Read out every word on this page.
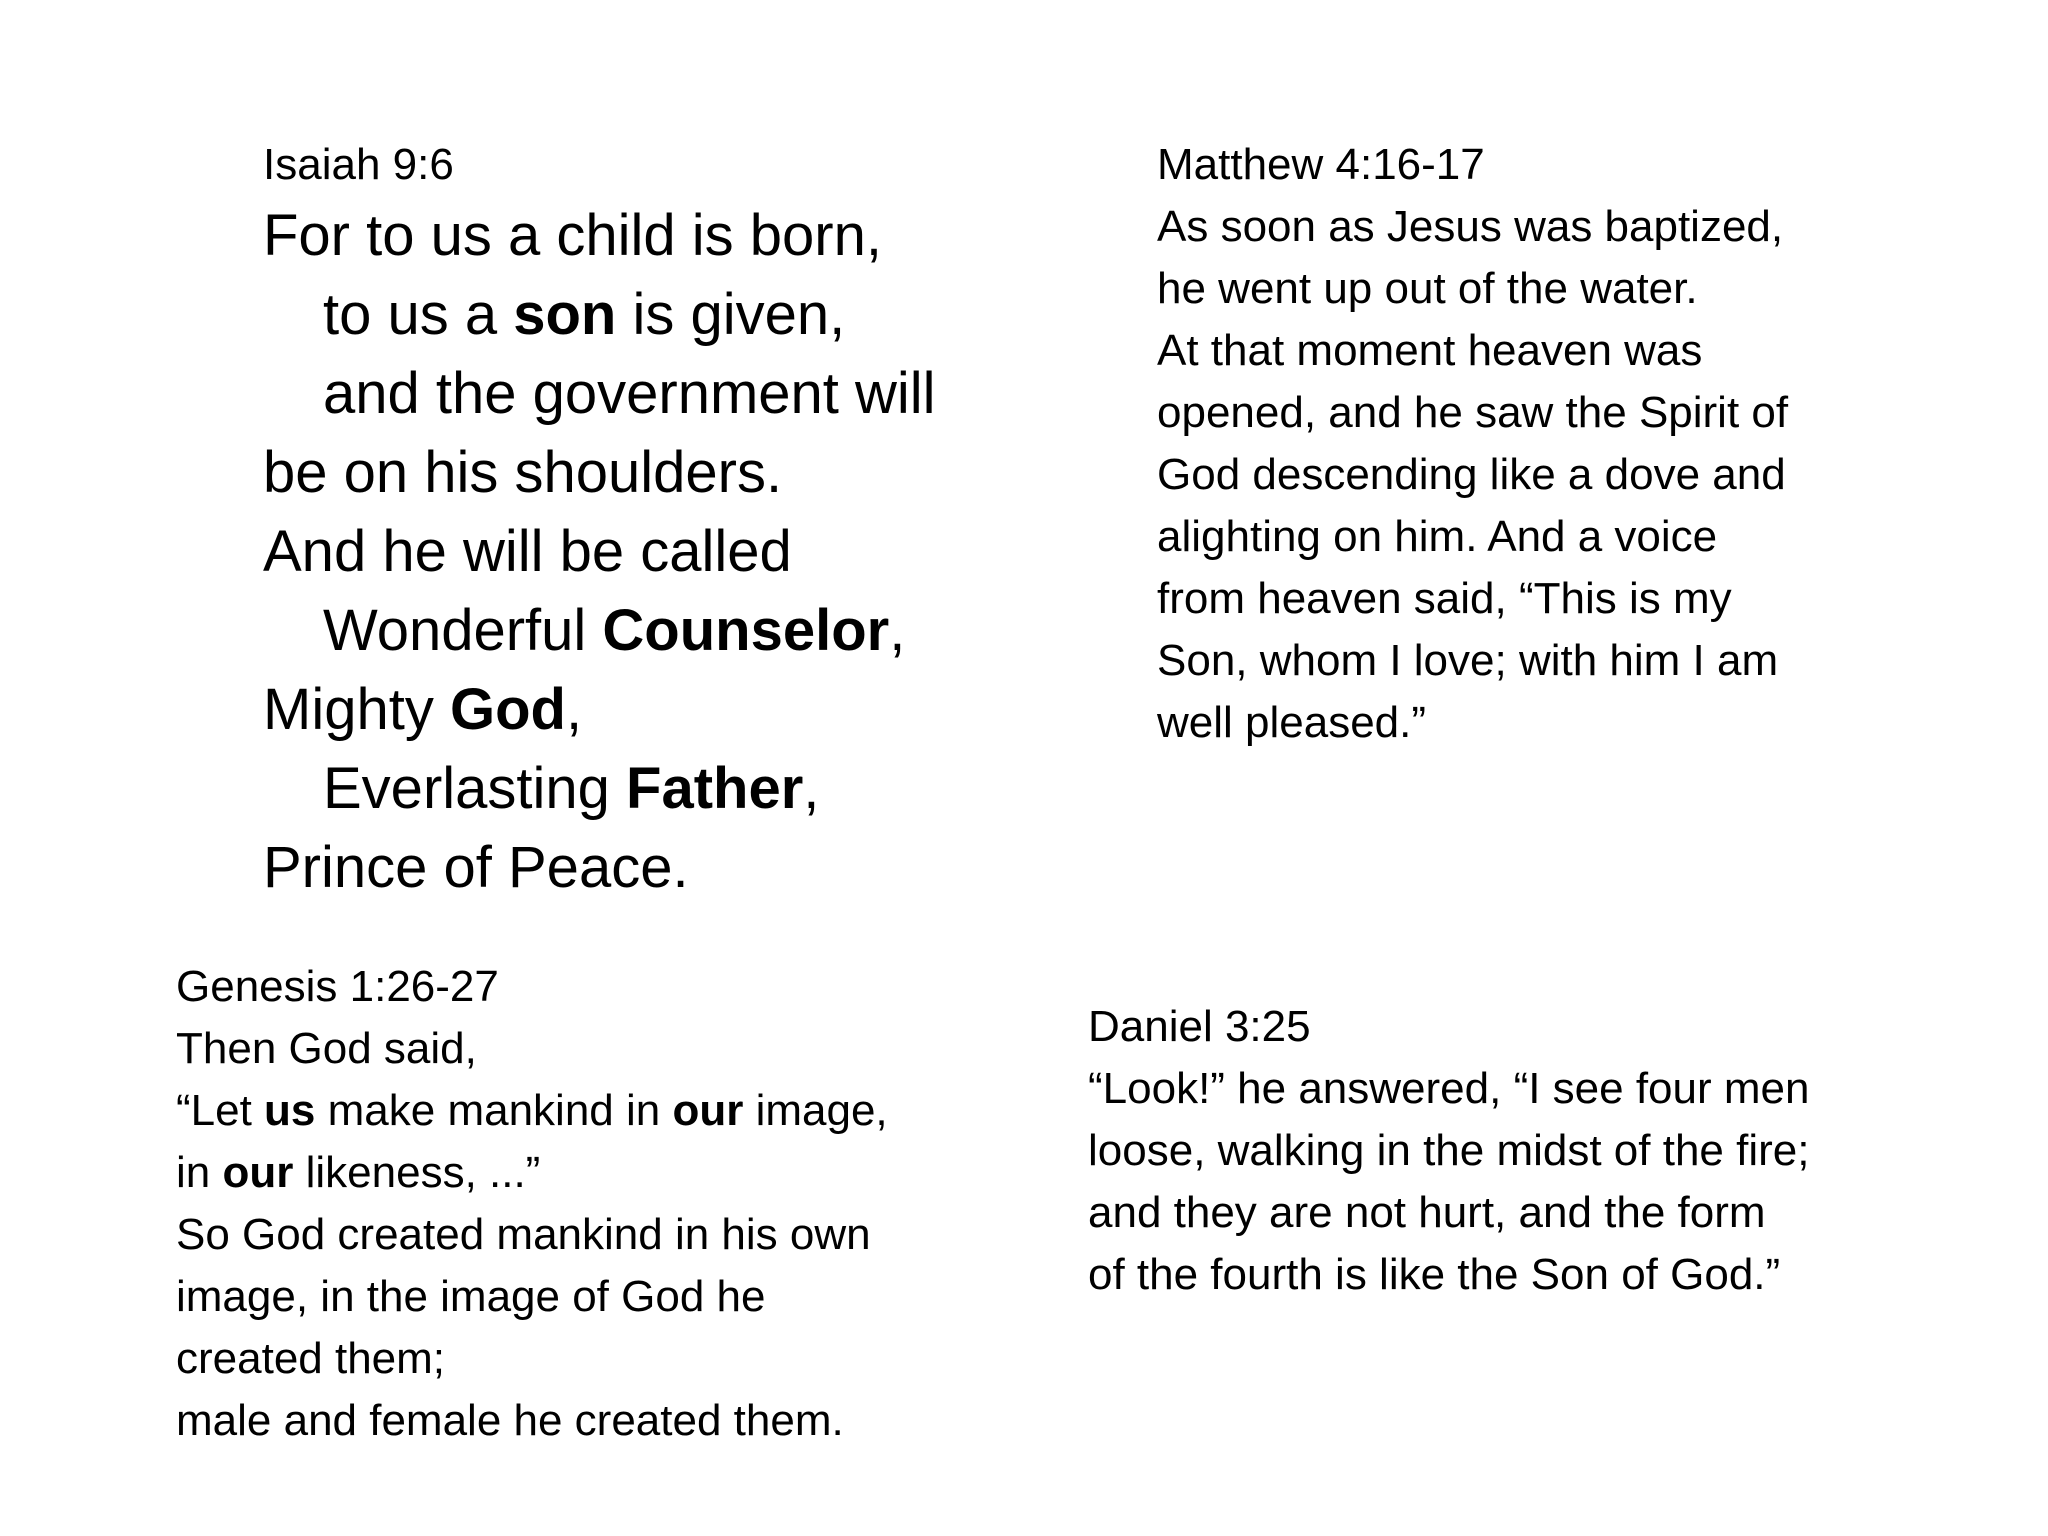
Isaiah 9:6
For to us a child is born,
to us a son is given,
and the government will
be on his shoulders.
And he will be called
Wonderful Counselor,
Mighty God,
Everlasting Father,
Prince of Peace.
Matthew 4:16-17
As soon as Jesus was baptized,
he went up out of the water.
At that moment heaven was
opened, and he saw the Spirit of
God descending like a dove and
alighting on him. And a voice
from heaven said, “This is my
Son, whom I love; with him I am
well pleased.”
Genesis 1:26-27
Then God said,
“Let us make mankind in our image,
in our likeness, ...”
So God created mankind in his own
image, in the image of God he
created them;
male and female he created them.
Daniel 3:25
“Look!” he answered, “I see four men
loose, walking in the midst of the fire;
and they are not hurt, and the form
of the fourth is like the Son of God.”
